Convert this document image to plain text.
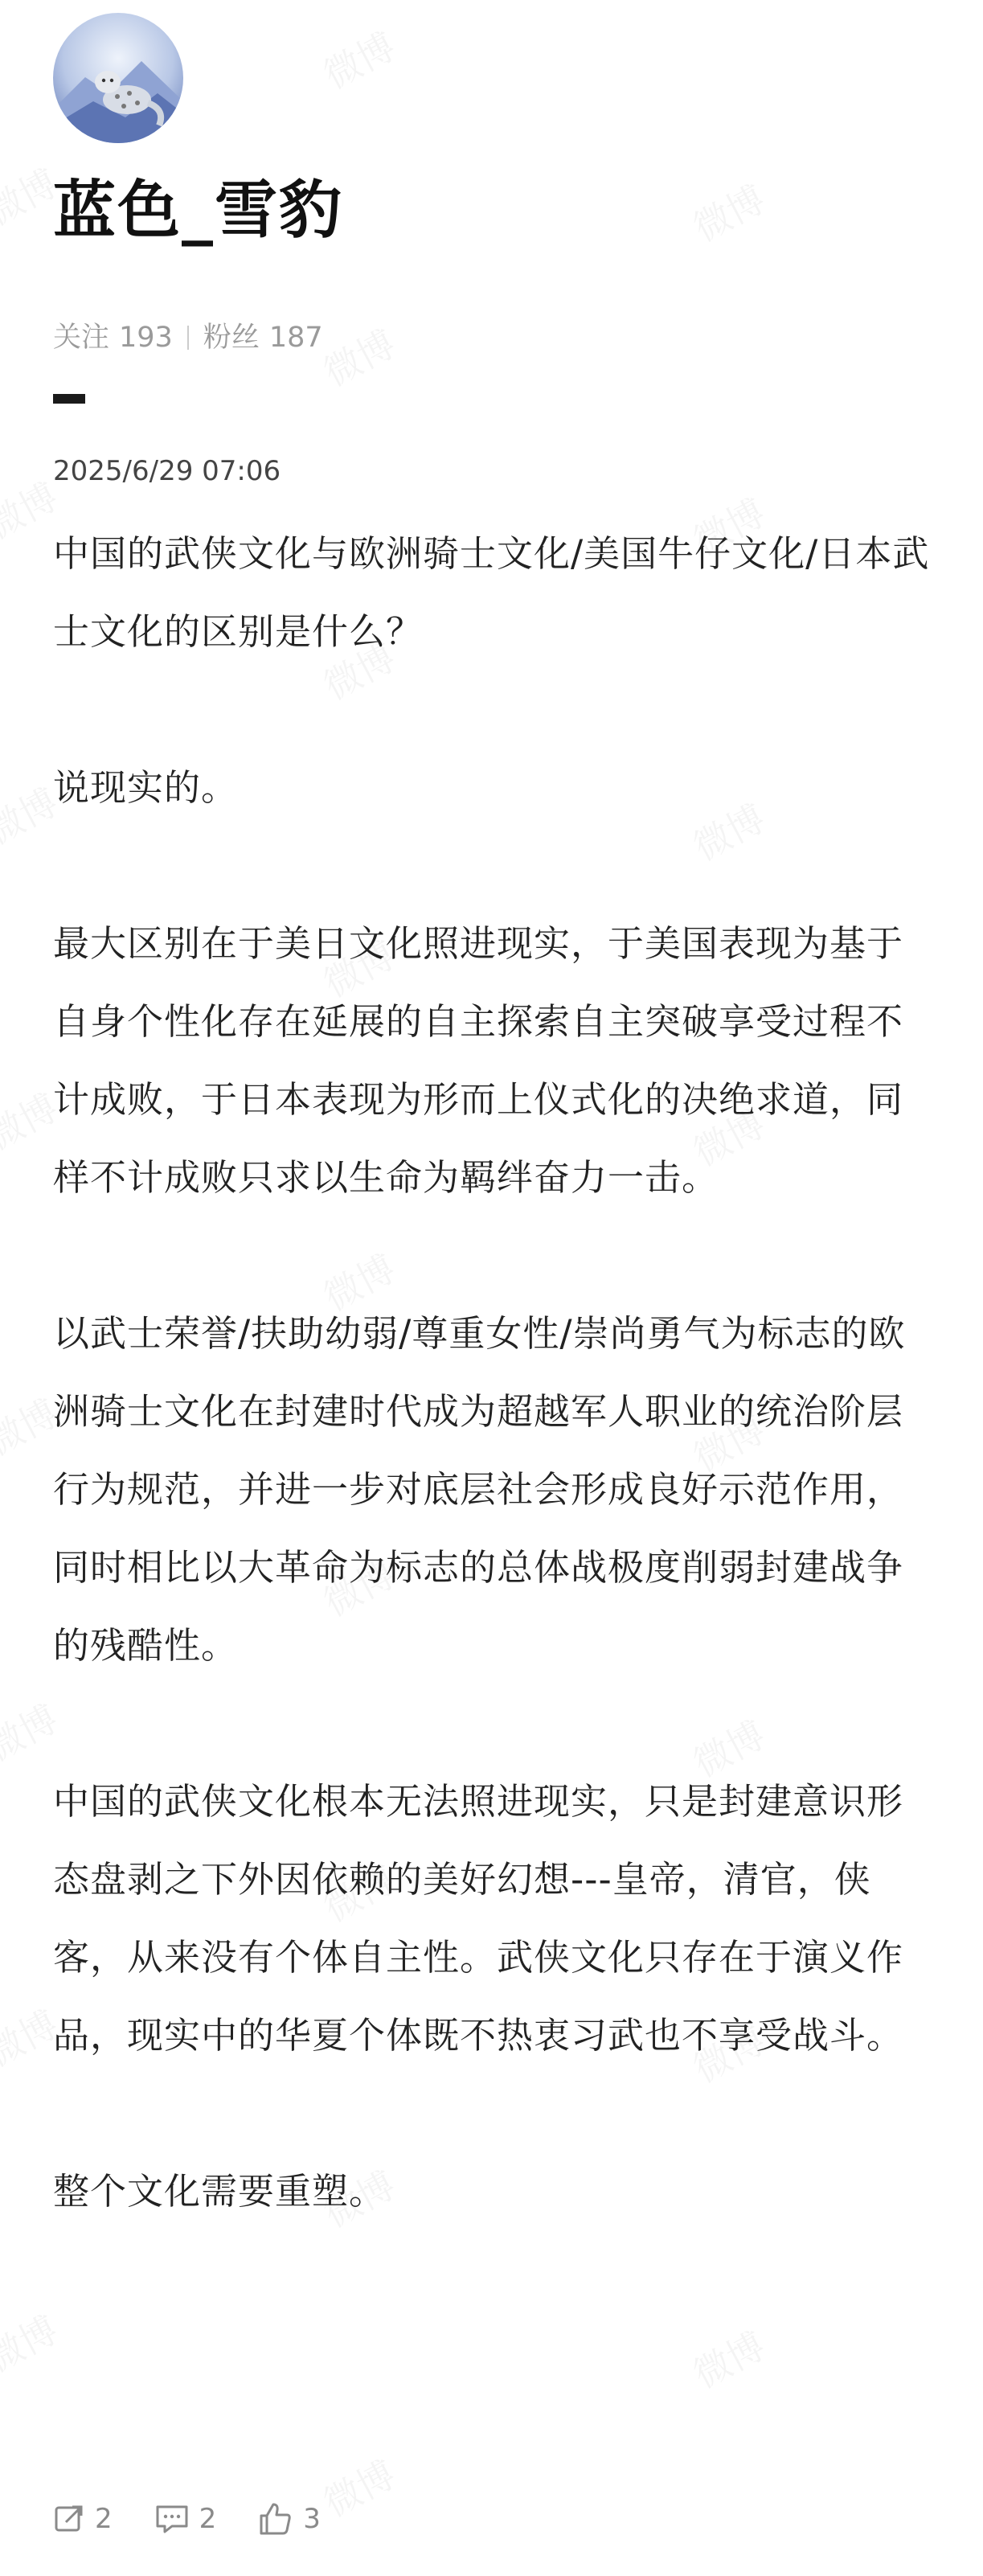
蓝色_雪豹
关注 193 粉丝 187
2025/6/29 07:06

中国的武侠文化与欧洲骑士文化/美国牛仔文化/日本武士文化的区别是什么？

说现实的。

最大区别在于美日文化照进现实，于美国表现为基于自身个性化存在延展的自主探索自主突破享受过程不计成败，于日本表现为形而上仪式化的决绝求道，同样不计成败只求以生命为羁绊奋力一击。

以武士荣誉/扶助幼弱/尊重女性/崇尚勇气为标志的欧洲骑士文化在封建时代成为超越军人职业的统治阶层行为规范，并进一步对底层社会形成良好示范作用，同时相比以大革命为标志的总体战极度削弱封建战争的残酷性。

中国的武侠文化根本无法照进现实，只是封建意识形态盘剥之下外因依赖的美好幻想---皇帝，清官，侠客，从来没有个体自主性。武侠文化只存在于演义作品，现实中的华夏个体既不热衷习武也不享受战斗。

整个文化需要重塑。

2	2	3
